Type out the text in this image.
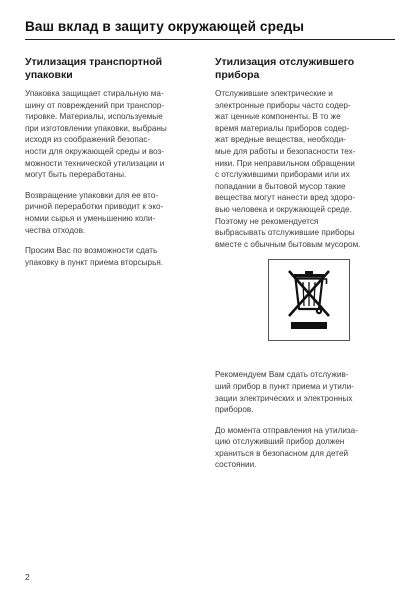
Ваш вклад в защиту окружающей среды
Утилизация транспортной
упаковки

Упаковка защищает стиральную ма-
шину от повреждений при транспор-
тировке. Материалы, используемые
при изготовлении упаковки, выбраны
исходя из соображений безопас-
ности для окружающей среды и воз-
можности технической утилизации и
могут быть переработаны.

Возвращение упаковки для ее вто-
ричной переработки приводит к эко-
номии сырья и уменьшению коли-
чества отходов.

Просим Вас по возможности сдать
упаковку в пункт приема вторсырья.

Утилизация отслужившего
прибора

Отслужившие электрические и
электронные приборы часто содер-
жат ценные компоненты. В то же
время материалы приборов содер-
жат вредные вещества, необходи-
мые для работы и безопасности тех-
ники. При неправильном обращении
с отслужившими приборами или их
попадании в бытовой мусор такие
вещества могут нанести вред здоро-
вью человека и окружающей среде.
Поэтому не рекомендуется
выбрасывать отслужившие приборы
вместе с обычным бытовым мусором.

Рекомендуем Вам сдать отслужив-
ший прибор в пункт приема и утили-
зации электрических и электронных
приборов.

До момента отправления на утилиза-
цию отслуживший прибор должен
храниться в безопасном для детей
состоянии.

2
